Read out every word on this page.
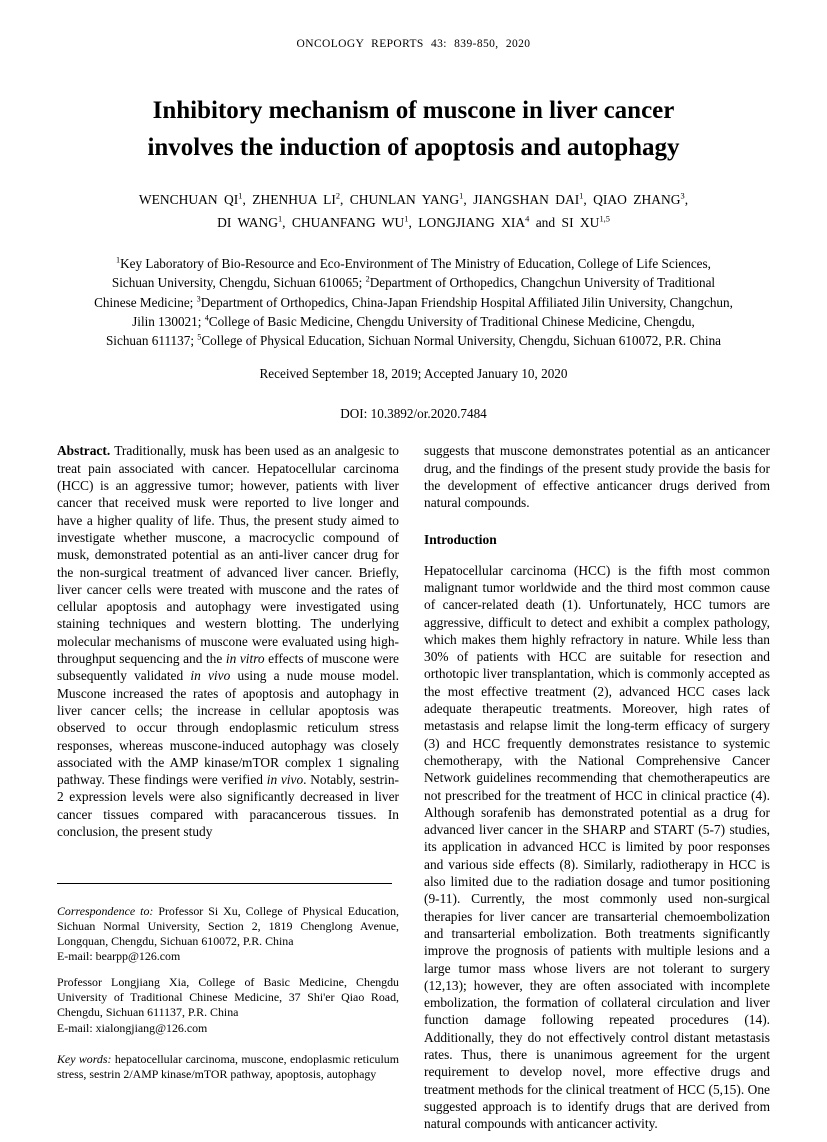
ONCOLOGY REPORTS 43: 839-850, 2020
Inhibitory mechanism of muscone in liver cancer
involves the induction of apoptosis and autophagy
WENCHUAN $QI^1$, ZHENHUA $LI^2$, CHUNLAN YANG$^1$, JIANGSHAN DAI$^1$, QIAO ZHANG$^3$,
DI WANG$^1$, CHUANFANG $WU^1$, LONGJIANG XIA$^4$ and SI XU$^{1,5}$
$^1$Key Laboratory of Bio-Resource and Eco-Environment of The Ministry of Education, College of Life Sciences,
Sichuan University, Chengdu, Sichuan 610065; $^2$Department of Orthopedics, Changchun University of Traditional
Chinese Medicine; $^3$Department of Orthopedics, China-Japan Friendship Hospital Affiliated Jilin University, Changchun,
Jilin 130021; $^4$College of Basic Medicine, Chengdu University of Traditional Chinese Medicine, Chengdu,
Sichuan 611137; $^5$College of Physical Education, Sichuan Normal University, Chengdu, Sichuan 610072, P.R. China
Received September 18, 2019; Accepted January 10, 2020
DOI: 10.3892/or.2020.7484

Abstract. Traditionally, musk has been used as an analgesic to treat pain associated with cancer. Hepatocellular carcinoma (HCC) is an aggressive tumor; however, patients with liver cancer that received musk were reported to live longer and have a higher quality of life. Thus, the present study aimed to investigate whether muscone, a macrocyclic compound of musk, demonstrated potential as an anti-liver cancer drug for the non-surgical treatment of advanced liver cancer. Briefly, liver cancer cells were treated with muscone and the rates of cellular apoptosis and autophagy were investigated using staining techniques and western blotting. The underlying molecular mechanisms of muscone were evaluated using high-throughput sequencing and the in vitro effects of muscone were subsequently validated in vivo using a nude mouse model. Muscone increased the rates of apoptosis and autophagy in liver cancer cells; the increase in cellular apoptosis was observed to occur through endoplasmic reticulum stress responses, whereas muscone-induced autophagy was closely associated with the AMP kinase/mTOR complex 1 signaling pathway. These findings were verified in vivo. Notably, sestrin-2 expression levels were also significantly decreased in liver cancer tissues compared with paracancerous tissues. In conclusion, the present study

Correspondence to: Professor Si Xu, College of Physical Education, Sichuan Normal University, Section 2, 1819 Chenglong Avenue, Longquan, Chengdu, Sichuan 610072, P.R. China

E-mail: bearpp@126.com

Professor Longjiang Xia, College of Basic Medicine, Chengdu University of Traditional Chinese Medicine, 37 Shi'er Qiao Road, Chengdu, Sichuan 611137, P.R. China

E-mail: xialongjiang@126.com

Key words: hepatocellular carcinoma, muscone, endoplasmic reticulum stress, sestrin 2/AMP kinase/mTOR pathway, apoptosis, autophagy

suggests that muscone demonstrates potential as an anticancer drug, and the findings of the present study provide the basis for the development of effective anticancer drugs derived from natural compounds.

Introduction

Hepatocellular carcinoma (HCC) is the fifth most common malignant tumor worldwide and the third most common cause of cancer-related death (1). Unfortunately, HCC tumors are aggressive, difficult to detect and exhibit a complex pathology, which makes them highly refractory in nature. While less than 30% of patients with HCC are suitable for resection and orthotopic liver transplantation, which is commonly accepted as the most effective treatment (2), advanced HCC cases lack adequate therapeutic treatments. Moreover, high rates of metastasis and relapse limit the long-term efficacy of surgery (3) and HCC frequently demonstrates resistance to systemic chemotherapy, with the National Comprehensive Cancer Network guidelines recommending that chemotherapeutics are not prescribed for the treatment of HCC in clinical practice (4). Although sorafenib has demonstrated potential as a drug for advanced liver cancer in the SHARP and START (5-7) studies, its application in advanced HCC is limited by poor responses and various side effects (8). Similarly, radiotherapy in HCC is also limited due to the radiation dosage and tumor positioning (9-11). Currently, the most commonly used non-surgical therapies for liver cancer are transarterial chemoembolization and transarterial embolization. Both treatments significantly improve the prognosis of patients with multiple lesions and a large tumor mass whose livers are not tolerant to surgery (12,13); however, they are often associated with incomplete embolization, the formation of collateral circulation and liver function damage following repeated procedures (14). Additionally, they do not effectively control distant metastasis rates. Thus, there is unanimous agreement for the urgent requirement to develop novel, more effective drugs and treatment methods for the clinical treatment of HCC (5,15). One suggested approach is to identify drugs that are derived from natural compounds with anticancer activity.
